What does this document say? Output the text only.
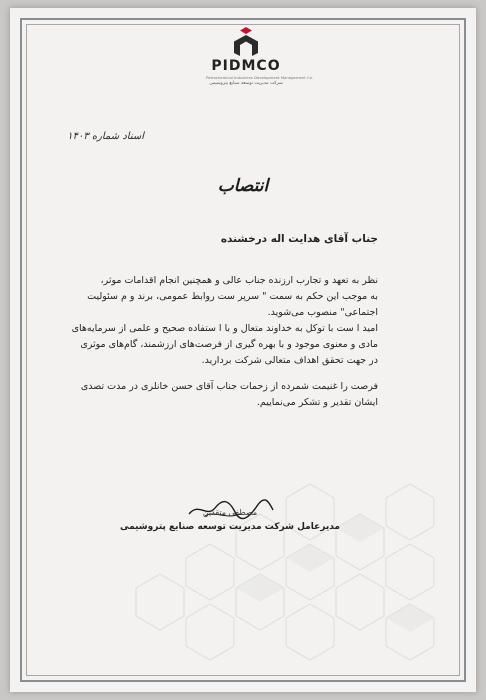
PIDMCO
Petrochemical Industries Development Management Co.
شرکت مدیریت توسعه صنایع پتروشیمی
اسناد شماره ۱۴۰۳
انتصاب
جناب آقای هدایت اله درخشنده
نظر به تعهد و تجارب ارزنده جناب عالی و همچنین انجام اقدامات موثر،
به موجب این حکم به سمت " سرپر ست روابط عمومی، برند و م سئولیت
اجتماعی" منصوب می‌شوید.
امید ا ست با توکل به خداوند متعال و با ا ستفاده صحیح و علمی از سرمایه‌های
مادی و معنوی موجود و با بهره گیری از فرصت‌های ارزشمند، گام‌های موثری
در جهت تحقق اهداف متعالی شرکت بردارید.
فرصت را غنیمت شمرده از زحمات جناب آقای حسن خانلری در مدت تصدی
ایشان تقدیر و تشکر می‌نماییم.
مصطفی متقدین
مدیرعامل شرکت مدیریت توسعه صنایع پتروشیمی
